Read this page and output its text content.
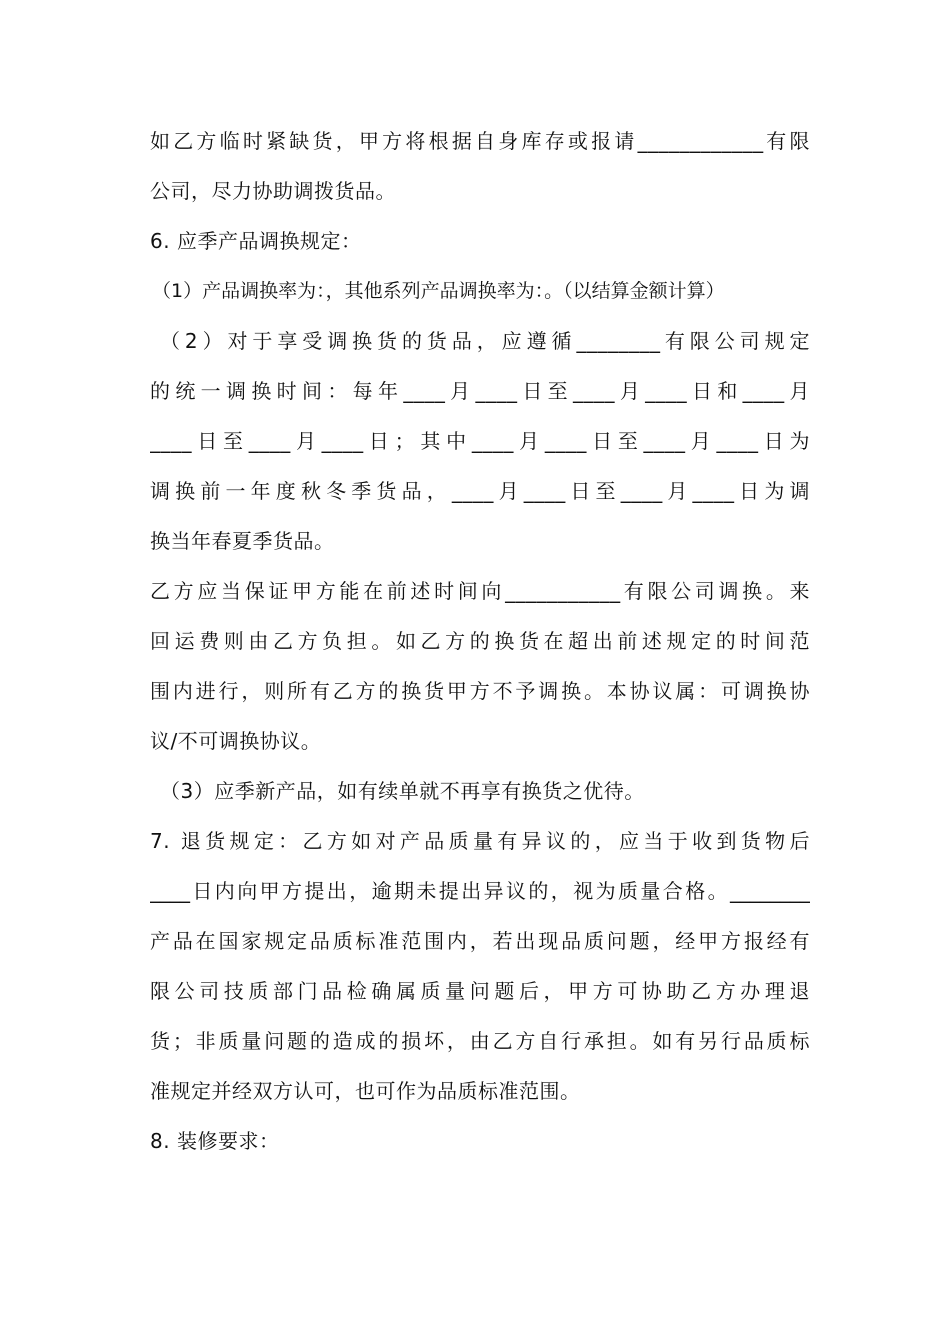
如乙方临时紧缺货，甲方将根据自身库存或报请____________有限
公司，尽力协助调拨货品。
6. 应季产品调换规定：
（1）产品调换率为：，其他系列产品调换率为：。（以结算金额计算）
（2）对于享受调换货的货品，应遵循________有限公司规定
的统一调换时间：每年____月____日至____月____日和____月
____日至____月____日；其中____月____日至____月____日为
调换前一年度秋冬季货品，____月____日至____月____日为调
换当年春夏季货品。
乙方应当保证甲方能在前述时间向___________有限公司调换。来
回运费则由乙方负担。如乙方的换货在超出前述规定的时间范
围内进行，则所有乙方的换货甲方不予调换。本协议属：可调换协
议/不可调换协议。
（3）应季新产品，如有续单就不再享有换货之优待。
7. 退货规定：乙方如对产品质量有异议的，应当于收到货物后
____日内向甲方提出，逾期未提出异议的，视为质量合格。________
产品在国家规定品质标准范围内，若出现品质问题，经甲方报经有
限公司技质部门品检确属质量问题后，甲方可协助乙方办理退
货；非质量问题的造成的损坏，由乙方自行承担。如有另行品质标
准规定并经双方认可，也可作为品质标准范围。
8. 装修要求：
